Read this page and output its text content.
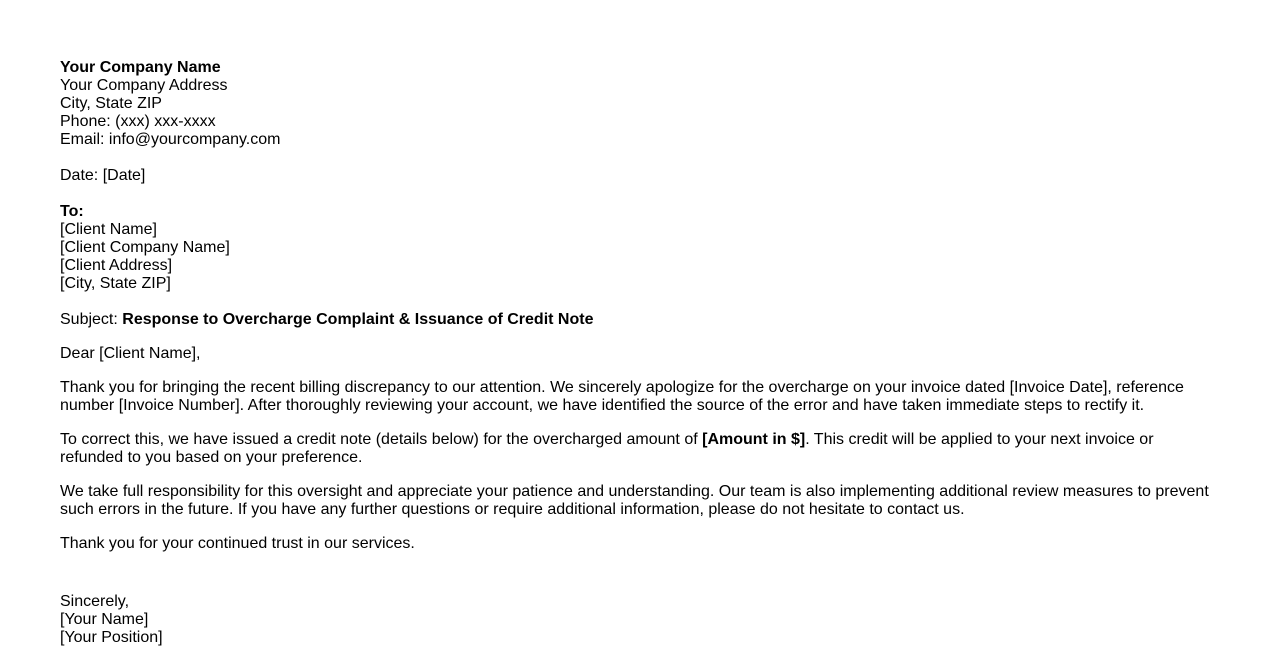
Your Company Name
Your Company Address
City, State ZIP
Phone: (xxx) xxx-xxxx
Email: info@yourcompany.com
Date: [Date]
To:
[Client Name]
[Client Company Name]
[Client Address]
[City, State ZIP]

Subject: Response to Overcharge Complaint & Issuance of Credit Note

Dear [Client Name],

Thank you for bringing the recent billing discrepancy to our attention. We sincerely apologize for the overcharge on your invoice dated [Invoice Date], reference number [Invoice Number]. After thoroughly reviewing your account, we have identified the source of the error and have taken immediate steps to rectify it.

To correct this, we have issued a credit note (details below) for the overcharged amount of [Amount in $]. This credit will be applied to your next invoice or refunded to you based on your preference.

We take full responsibility for this oversight and appreciate your patience and understanding. Our team is also implementing additional review measures to prevent such errors in the future. If you have any further questions or require additional information, please do not hesitate to contact us.

Thank you for your continued trust in our services.

Sincerely,
[Your Name]
[Your Position]
